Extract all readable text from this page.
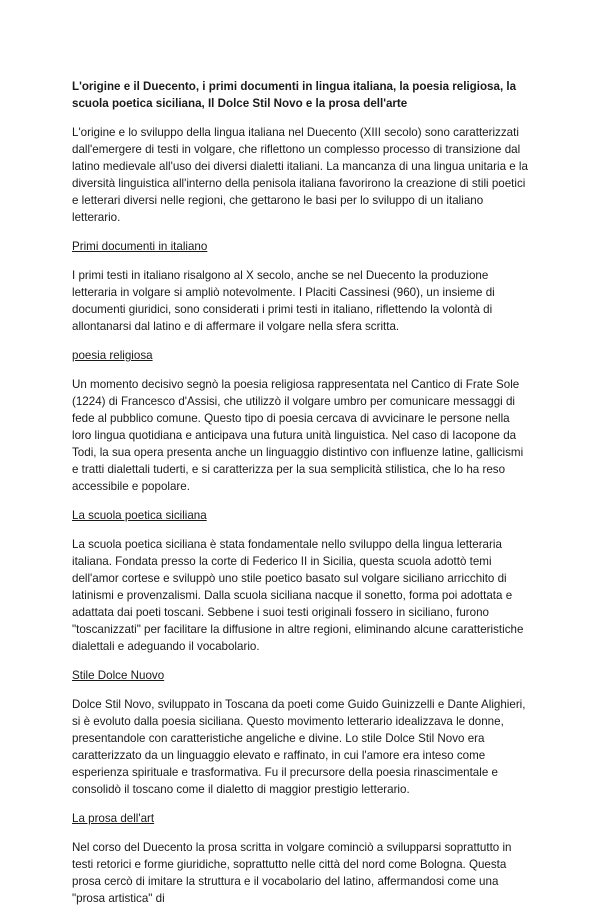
L'origine e il Duecento, i primi documenti in lingua italiana, la poesia religiosa, la scuola poetica siciliana, Il Dolce Stil Novo e la prosa dell'arte
L'origine e lo sviluppo della lingua italiana nel Duecento (XIII secolo) sono caratterizzati dall'emergere di testi in volgare, che riflettono un complesso processo di transizione dal latino medievale all'uso dei diversi dialetti italiani. La mancanza di una lingua unitaria e la diversità linguistica all'interno della penisola italiana favorirono la creazione di stili poetici e letterari diversi nelle regioni, che gettarono le basi per lo sviluppo di un italiano letterario.
Primi documenti in italiano
I primi testi in italiano risalgono al X secolo, anche se nel Duecento la produzione letteraria in volgare si ampliò notevolmente. I Placiti Cassinesi (960), un insieme di documenti giuridici, sono considerati i primi testi in italiano, riflettendo la volontà di allontanarsi dal latino e di affermare il volgare nella sfera scritta.
poesia religiosa
Un momento decisivo segnò la poesia religiosa rappresentata nel Cantico di Frate Sole (1224) di Francesco d'Assisi, che utilizzò il volgare umbro per comunicare messaggi di fede al pubblico comune. Questo tipo di poesia cercava di avvicinare le persone nella loro lingua quotidiana e anticipava una futura unità linguistica. Nel caso di Iacopone da Todi, la sua opera presenta anche un linguaggio distintivo con influenze latine, gallicismi e tratti dialettali tuderti, e si caratterizza per la sua semplicità stilistica, che lo ha reso accessibile e popolare.
La scuola poetica siciliana
La scuola poetica siciliana è stata fondamentale nello sviluppo della lingua letteraria italiana. Fondata presso la corte di Federico II in Sicilia, questa scuola adottò temi dell'amor cortese e sviluppò uno stile poetico basato sul volgare siciliano arricchito di latinismi e provenzalismi. Dalla scuola siciliana nacque il sonetto, forma poi adottata e adattata dai poeti toscani. Sebbene i suoi testi originali fossero in siciliano, furono "toscanizzati" per facilitare la diffusione in altre regioni, eliminando alcune caratteristiche dialettali e adeguando il vocabolario.
Stile Dolce Nuovo
Dolce Stil Novo, sviluppato in Toscana da poeti come Guido Guinizzelli e Dante Alighieri, si è evoluto dalla poesia siciliana. Questo movimento letterario idealizzava le donne, presentandole con caratteristiche angeliche e divine. Lo stile Dolce Stil Novo era caratterizzato da un linguaggio elevato e raffinato, in cui l'amore era inteso come esperienza spirituale e trasformativa. Fu il precursore della poesia rinascimentale e consolidò il toscano come il dialetto di maggior prestigio letterario.
La prosa dell'art
Nel corso del Duecento la prosa scritta in volgare cominciò a svilupparsi soprattutto in testi retorici e forme giuridiche, soprattutto nelle città del nord come Bologna. Questa prosa cercò di imitare la struttura e il vocabolario del latino, affermandosi come una "prosa artistica" di
